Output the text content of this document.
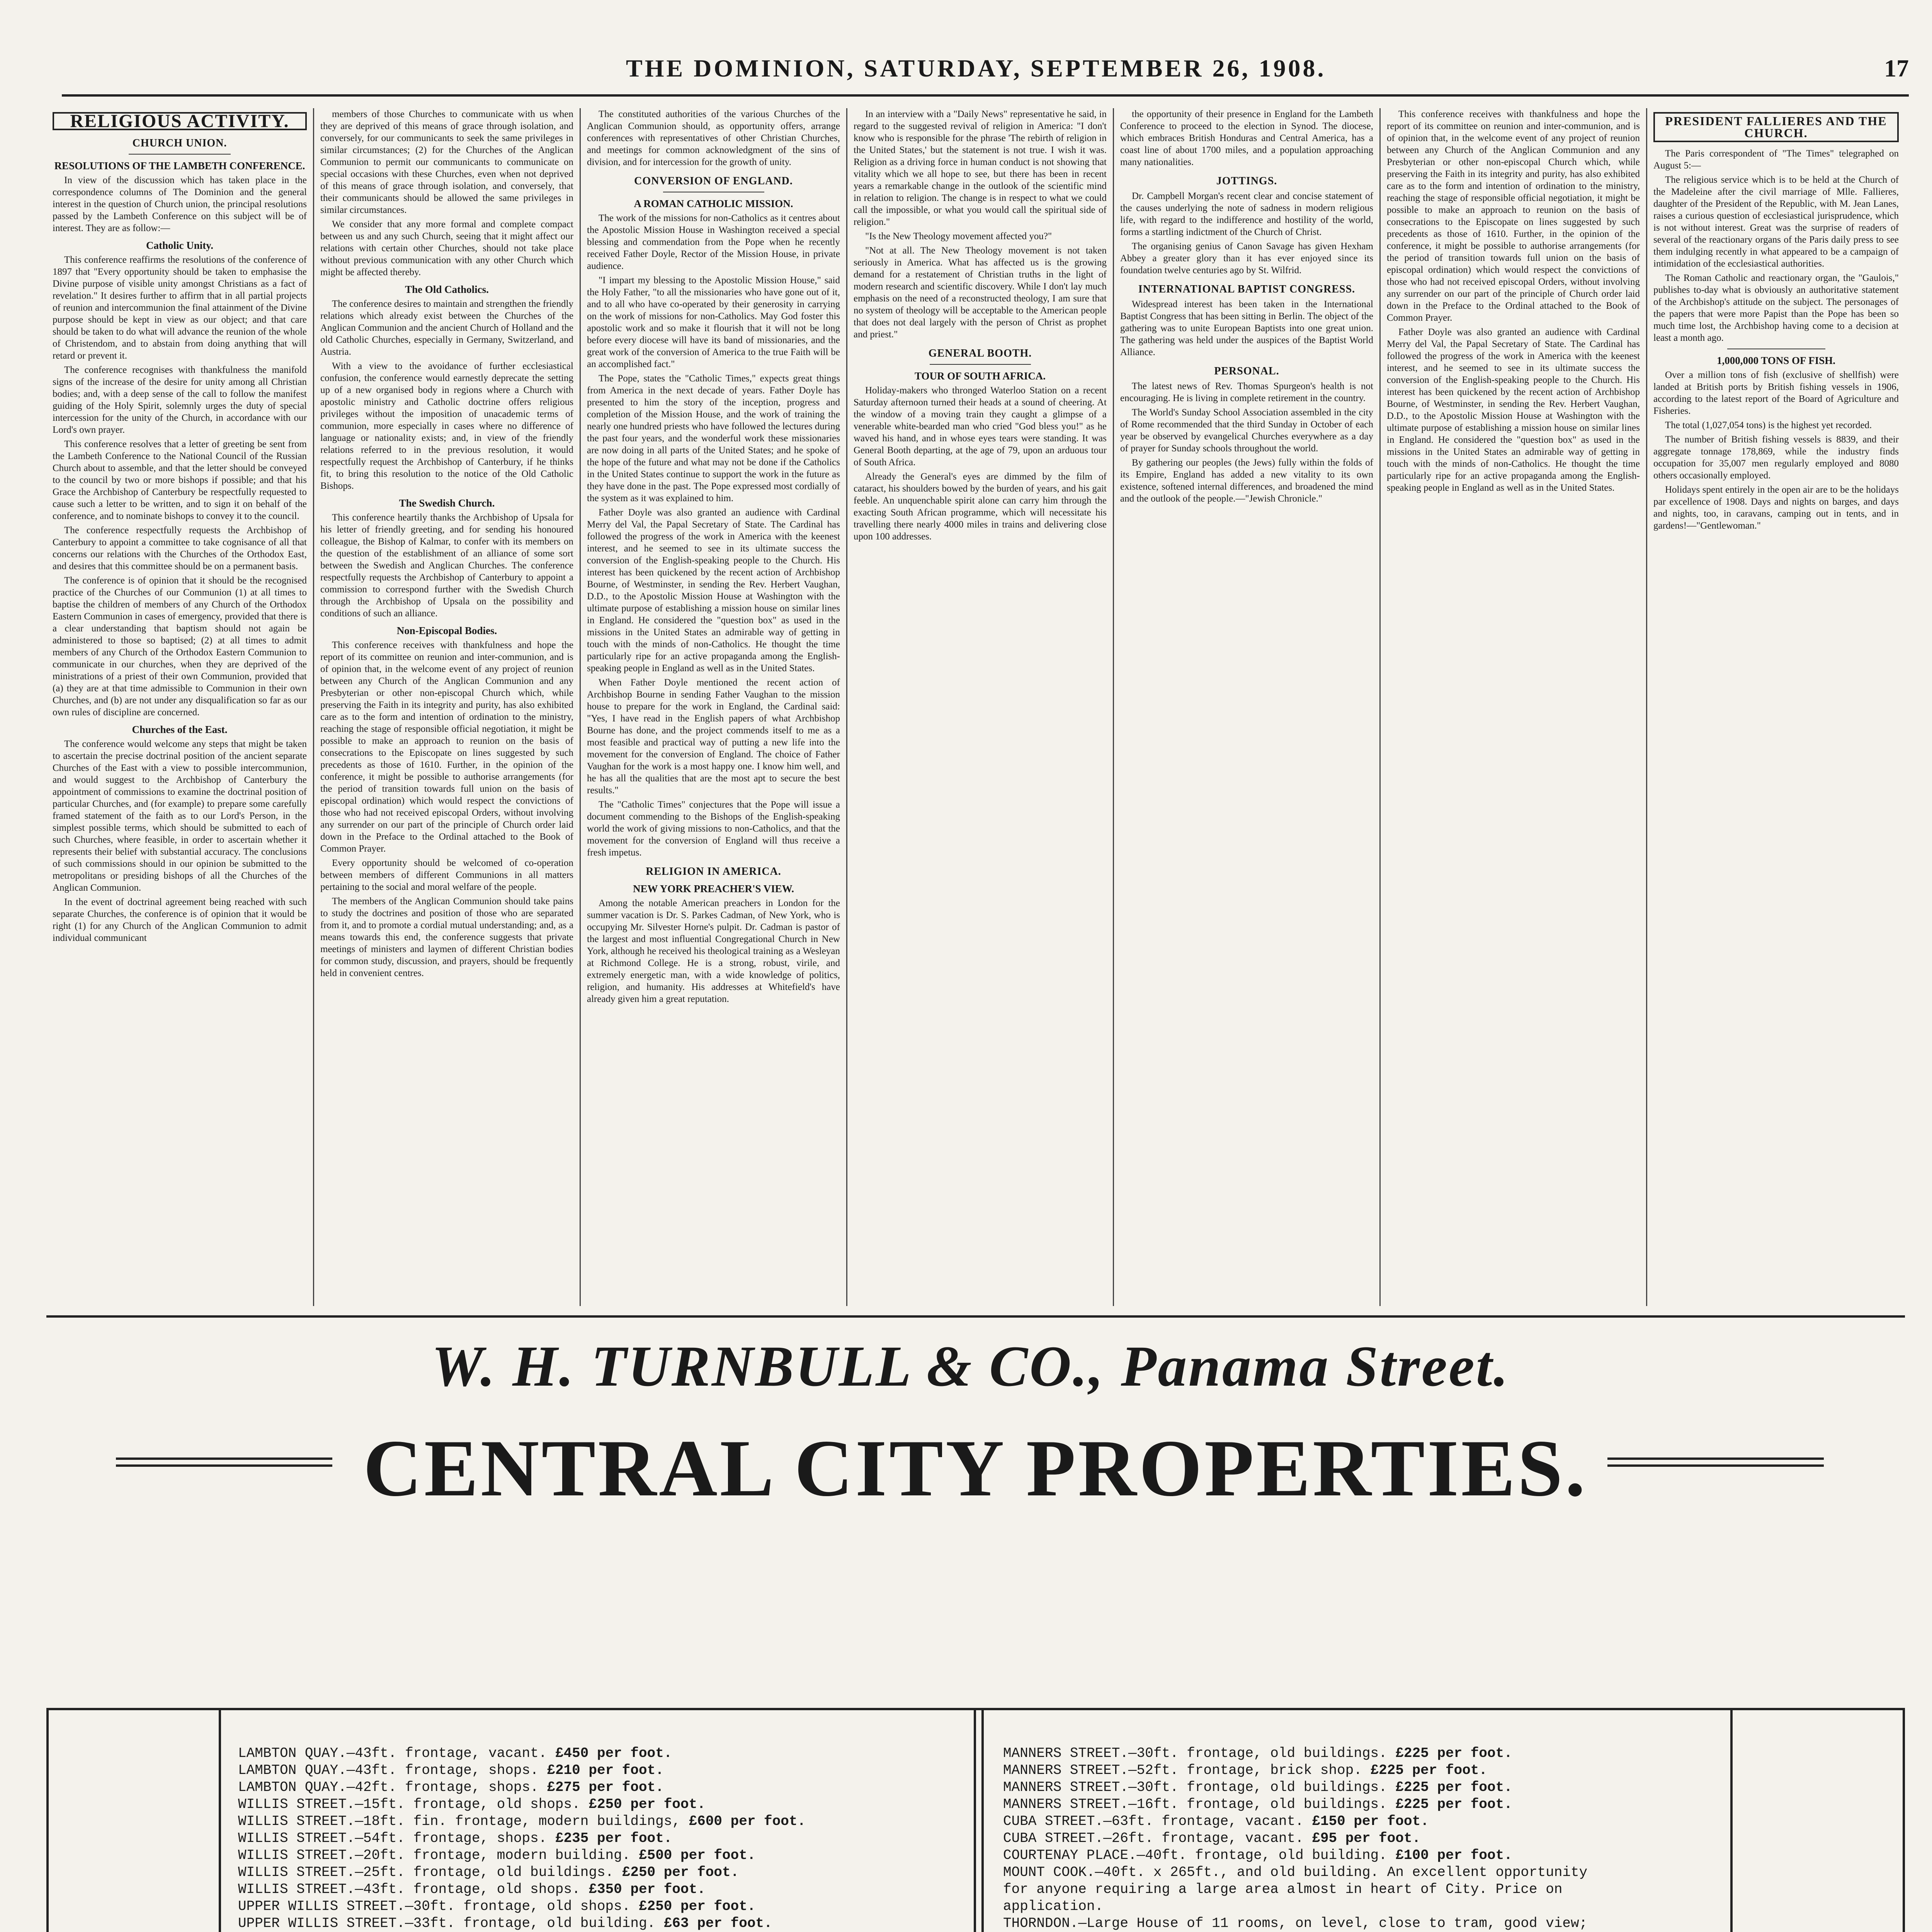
THE DOMINION, SATURDAY, SEPTEMBER 26, 1908.	17
RELIGIOUS ACTIVITY.
CHURCH UNION.
RESOLUTIONS OF THE LAMBETH CONFERENCE.

In view of the discussion which has taken place in the correspondence columns of The Dominion and the general interest in the question of Church union, the principal resolutions passed by the Lambeth Conference on this subject will be of interest. They are as follow:—

Catholic Unity.

This conference reaffirms the resolutions of the conference of 1897 that "Every opportunity should be taken to emphasise the Divine purpose of visible unity amongst Christians as a fact of revelation." It desires further to affirm that in all partial projects of reunion and intercommunion the final attainment of the Divine purpose should be kept in view as our object; and that care should be taken to do what will advance the reunion of the whole of Christendom, and to abstain from doing anything that will retard or prevent it.

The conference recognises with thankfulness the manifold signs of the increase of the desire for unity among all Christian bodies; and, with a deep sense of the call to follow the manifest guiding of the Holy Spirit, solemnly urges the duty of special intercession for the unity of the Church, in accordance with our Lord's own prayer.

This conference resolves that a letter of greeting be sent from the Lambeth Conference to the National Council of the Russian Church about to assemble, and that the letter should be conveyed to the council by two or more bishops if possible; and that his Grace the Archbishop of Canterbury be respectfully requested to cause such a letter to be written, and to sign it on behalf of the conference, and to nominate bishops to convey it to the council.

The conference respectfully requests the Archbishop of Canterbury to appoint a committee to take cognisance of all that concerns our relations with the Churches of the Orthodox East, and desires that this committee should be on a permanent basis.

The conference is of opinion that it should be the recognised practice of the Churches of our Communion (1) at all times to baptise the children of members of any Church of the Orthodox Eastern Communion in cases of emergency, provided that there is a clear understanding that baptism should not again be administered to those so baptised; (2) at all times to admit members of any Church of the Orthodox Eastern Communion to communicate in our churches, when they are deprived of the ministrations of a priest of their own Communion, provided that (a) they are at that time admissible to Communion in their own Churches, and (b) are not under any disqualification so far as our own rules of discipline are concerned.

Churches of the East.

The conference would welcome any steps that might be taken to ascertain the precise doctrinal position of the ancient separate Churches of the East with a view to possible intercommunion, and would suggest to the Archbishop of Canterbury the appointment of commissions to examine the doctrinal position of particular Churches, and (for example) to prepare some carefully framed statement of the faith as to our Lord's Person, in the simplest possible terms, which should be submitted to each of such Churches, where feasible, in order to ascertain whether it represents their belief with substantial accuracy. The conclusions of such commissions should in our opinion be submitted to the metropolitans or presiding bishops of all the Churches of the Anglican Communion.

In the event of doctrinal agreement being reached with such separate Churches, the conference is of opinion that it would be right (1) for any Church of the Anglican Communion to admit individual communicant

members of those Churches to communicate with us when they are deprived of this means of grace through isolation, and conversely, for our communicants to seek the same privileges in similar circumstances; (2) for the Churches of the Anglican Communion to permit our communicants to communicate on special occasions with these Churches, even when not deprived of this means of grace through isolation, and conversely, that their communicants should be allowed the same privileges in similar circumstances.

We consider that any more formal and complete compact between us and any such Church, seeing that it might affect our relations with certain other Churches, should not take place without previous communication with any other Church which might be affected thereby.

The Old Catholics.

The conference desires to maintain and strengthen the friendly relations which already exist between the Churches of the Anglican Communion and the ancient Church of Holland and the old Catholic Churches, especially in Germany, Switzerland, and Austria.

With a view to the avoidance of further ecclesiastical confusion, the conference would earnestly deprecate the setting up of a new organised body in regions where a Church with apostolic ministry and Catholic doctrine offers religious privileges without the imposition of unacademic terms of communion, more especially in cases where no difference of language or nationality exists; and, in view of the friendly relations referred to in the previous resolution, it would respectfully request the Archbishop of Canterbury, if he thinks fit, to bring this resolution to the notice of the Old Catholic Bishops.

The Swedish Church.

This conference heartily thanks the Archbishop of Upsala for his letter of friendly greeting, and for sending his honoured colleague, the Bishop of Kalmar, to confer with its members on the question of the establishment of an alliance of some sort between the Swedish and Anglican Churches. The conference respectfully requests the Archbishop of Canterbury to appoint a commission to correspond further with the Swedish Church through the Archbishop of Upsala on the possibility and conditions of such an alliance.

Non-Episcopal Bodies.

This conference receives with thankfulness and hope the report of its committee on reunion and inter-communion, and is of opinion that, in the welcome event of any project of reunion between any Church of the Anglican Communion and any Presbyterian or other non-episcopal Church which, while preserving the Faith in its integrity and purity, has also exhibited care as to the form and intention of ordination to the ministry, reaching the stage of responsible official negotiation, it might be possible to make an approach to reunion on the basis of consecrations to the Episcopate on lines suggested by such precedents as those of 1610. Further, in the opinion of the conference, it might be possible to authorise arrangements (for the period of transition towards full union on the basis of episcopal ordination) which would respect the convictions of those who had not received episcopal Orders, without involving any surrender on our part of the principle of Church order laid down in the Preface to the Ordinal attached to the Book of Common Prayer.

Every opportunity should be welcomed of co-operation between members of different Communions in all matters pertaining to the social and moral welfare of the people.

The members of the Anglican Communion should take pains to study the doctrines and position of those who are separated from it, and to promote a cordial mutual understanding; and, as a means towards this end, the conference suggests that private meetings of ministers and laymen of different Christian bodies for common study, discussion, and prayers, should be frequently held in convenient centres.

The constituted authorities of the various Churches of the Anglican Communion should, as opportunity offers, arrange conferences with representatives of other Christian Churches, and meetings for common acknowledgment of the sins of division, and for intercession for the growth of unity.

CONVERSION OF ENGLAND.
A ROMAN CATHOLIC MISSION.

The work of the missions for non-Catholics as it centres about the Apostolic Mission House in Washington received a special blessing and commendation from the Pope when he recently received Father Doyle, Rector of the Mission House, in private audience.

"I impart my blessing to the Apostolic Mission House," said the Holy Father, "to all the missionaries who have gone out of it, and to all who have co-operated by their generosity in carrying on the work of missions for non-Catholics. May God foster this apostolic work and so make it flourish that it will not be long before every diocese will have its band of missionaries, and the great work of the conversion of America to the true Faith will be an accomplished fact."

The Pope, states the "Catholic Times," expects great things from America in the next decade of years. Father Doyle has presented to him the story of the inception, progress and completion of the Mission House, and the work of training the nearly one hundred priests who have followed the lectures during the past four years, and the wonderful work these missionaries are now doing in all parts of the United States; and he spoke of the hope of the future and what may not be done if the Catholics in the United States continue to support the work in the future as they have done in the past. The Pope expressed most cordially of the system as it was explained to him.

Father Doyle was also granted an audience with Cardinal Merry del Val, the Papal Secretary of State. The Cardinal has followed the progress of the work in America with the keenest interest, and he seemed to see in its ultimate success the conversion of the English-speaking people to the Church. His interest has been quickened by the recent action of Archbishop Bourne, of Westminster, in sending the Rev. Herbert Vaughan, D.D., to the Apostolic Mission House at Washington with the ultimate purpose of establishing a mission house on similar lines in England. He considered the "question box" as used in the missions in the United States an admirable way of getting in touch with the minds of non-Catholics. He thought the time particularly ripe for an active propaganda among the English-speaking people in England as well as in the United States.

When Father Doyle mentioned the recent action of Archbishop Bourne in sending Father Vaughan to the mission house to prepare for the work in England, the Cardinal said: "Yes, I have read in the English papers of what Archbishop Bourne has done, and the project commends itself to me as a most feasible and practical way of putting a new life into the movement for the conversion of England. The choice of Father Vaughan for the work is a most happy one. I know him well, and he has all the qualities that are the most apt to secure the best results."

The "Catholic Times" conjectures that the Pope will issue a document commending to the Bishops of the English-speaking world the work of giving missions to non-Catholics, and that the movement for the conversion of England will thus receive a fresh impetus.

RELIGION IN AMERICA.
NEW YORK PREACHER'S VIEW.

Among the notable American preachers in London for the summer vacation is Dr. S. Parkes Cadman, of New York, who is occupying Mr. Silvester Horne's pulpit. Dr. Cadman is pastor of the largest and most influential Congregational Church in New York, although he received his theological training as a Wesleyan at Richmond College. He is a strong, robust, virile, and extremely energetic man, with a wide knowledge of politics, religion, and humanity. His addresses at Whitefield's have already given him a great reputation.

In an interview with a "Daily News" representative he said, in regard to the suggested revival of religion in America: "I don't know who is responsible for the phrase 'The rebirth of religion in the United States,' but the statement is not true. I wish it was. Religion as a driving force in human conduct is not showing that vitality which we all hope to see, but there has been in recent years a remarkable change in the outlook of the scientific mind in relation to religion. The change is in respect to what we could call the impossible, or what you would call the spiritual side of religion."

"Is the New Theology movement affected you?"

"Not at all. The New Theology movement is not taken seriously in America. What has affected us is the growing demand for a restatement of Christian truths in the light of modern research and scientific discovery. While I don't lay much emphasis on the need of a reconstructed theology, I am sure that no system of theology will be acceptable to the American people that does not deal largely with the person of Christ as prophet and priest."

GENERAL BOOTH.
TOUR OF SOUTH AFRICA.

Holiday-makers who thronged Waterloo Station on a recent Saturday afternoon turned their heads at a sound of cheering. At the window of a moving train they caught a glimpse of a venerable white-bearded man who cried "God bless you!" as he waved his hand, and in whose eyes tears were standing. It was General Booth departing, at the age of 79, upon an arduous tour of South Africa.

Already the General's eyes are dimmed by the film of cataract, his shoulders bowed by the burden of years, and his gait feeble. An unquenchable spirit alone can carry him through the exacting South African programme, which will necessitate his travelling there nearly 4000 miles in trains and delivering close upon 100 addresses.

the opportunity of their presence in England for the Lambeth Conference to proceed to the election in Synod. The diocese, which embraces British Honduras and Central America, has a coast line of about 1700 miles, and a population approaching many nationalities.

JOTTINGS.

Dr. Campbell Morgan's recent clear and concise statement of the causes underlying the note of sadness in modern religious life, with regard to the indifference and hostility of the world, forms a startling indictment of the Church of Christ.

The organising genius of Canon Savage has given Hexham Abbey a greater glory than it has ever enjoyed since its foundation twelve centuries ago by St. Wilfrid.

INTERNATIONAL BAPTIST CONGRESS.

Widespread interest has been taken in the International Baptist Congress that has been sitting in Berlin. The object of the gathering was to unite European Baptists into one great union. The gathering was held under the auspices of the Baptist World Alliance.

PERSONAL.

The latest news of Rev. Thomas Spurgeon's health is not encouraging. He is living in complete retirement in the country.

The World's Sunday School Association assembled in the city of Rome recommended that the third Sunday in October of each year be observed by evangelical Churches everywhere as a day of prayer for Sunday schools throughout the world.

By gathering our peoples (the Jews) fully within the folds of its Empire, England has added a new vitality to its own existence, softened internal differences, and broadened the mind and the outlook of the people.—"Jewish Chronicle."

This conference receives with thankfulness and hope the report of its committee on reunion and inter-communion, and is of opinion that, in the welcome event of any project of reunion between any Church of the Anglican Communion and any Presbyterian or other non-episcopal Church which, while preserving the Faith in its integrity and purity, has also exhibited care as to the form and intention of ordination to the ministry, reaching the stage of responsible official negotiation, it might be possible to make an approach to reunion on the basis of consecrations to the Episcopate on lines suggested by such precedents as those of 1610. Further, in the opinion of the conference, it might be possible to authorise arrangements (for the period of transition towards full union on the basis of episcopal ordination) which would respect the convictions of those who had not received episcopal Orders, without involving any surrender on our part of the principle of Church order laid down in the Preface to the Ordinal attached to the Book of Common Prayer.

Father Doyle was also granted an audience with Cardinal Merry del Val, the Papal Secretary of State. The Cardinal has followed the progress of the work in America with the keenest interest, and he seemed to see in its ultimate success the conversion of the English-speaking people to the Church. His interest has been quickened by the recent action of Archbishop Bourne, of Westminster, in sending the Rev. Herbert Vaughan, D.D., to the Apostolic Mission House at Washington with the ultimate purpose of establishing a mission house on similar lines in England. He considered the "question box" as used in the missions in the United States an admirable way of getting in touch with the minds of non-Catholics. He thought the time particularly ripe for an active propaganda among the English-speaking people in England as well as in the United States.

PRESIDENT FALLIERES AND THE CHURCH.

The Paris correspondent of "The Times" telegraphed on August 5:—

The religious service which is to be held at the Church of the Madeleine after the civil marriage of Mlle. Fallieres, daughter of the President of the Republic, with M. Jean Lanes, raises a curious question of ecclesiastical jurisprudence, which is not without interest. Great was the surprise of readers of several of the reactionary organs of the Paris daily press to see them indulging recently in what appeared to be a campaign of intimidation of the ecclesiastical authorities.

The Roman Catholic and reactionary organ, the "Gaulois," publishes to-day what is obviously an authoritative statement of the Archbishop's attitude on the subject. The personages of the papers that were more Papist than the Pope has been so much time lost, the Archbishop having come to a decision at least a month ago.

1,000,000 TONS OF FISH.

Over a million tons of fish (exclusive of shellfish) were landed at British ports by British fishing vessels in 1906, according to the latest report of the Board of Agriculture and Fisheries.

The total (1,027,054 tons) is the highest yet recorded.

The number of British fishing vessels is 8839, and their aggregate tonnage 178,869, while the industry finds occupation for 35,007 men regularly employed and 8080 others occasionally employed.

Holidays spent entirely in the open air are to be the holidays par excellence of 1908. Days and nights on barges, and days and nights, too, in caravans, camping out in tents, and in gardens!—"Gentlewoman."

W. H. TURNBULL & CO., Panama Street.
CENTRAL CITY PROPERTIES.
LAMBTON QUAY.—43ft. frontage, vacant. £450 per foot.
LAMBTON QUAY.—43ft. frontage, shops. £210 per foot.
LAMBTON QUAY.—42ft. frontage, shops. £275 per foot.
WILLIS STREET.—15ft. frontage, old shops. £250 per foot.
WILLIS STREET.—18ft. fin. frontage, modern buildings, £600 per foot.
WILLIS STREET.—54ft. frontage, shops. £235 per foot.
WILLIS STREET.—20ft. frontage, modern building. £500 per foot.
WILLIS STREET.—25ft. frontage, old buildings. £250 per foot.
WILLIS STREET.—43ft. frontage, old shops. £350 per foot.
UPPER WILLIS STREET.—30ft. frontage, old shops. £250 per foot.
UPPER WILLIS STREET.—33ft. frontage, old building. £63 per foot.
MANNERS STREET.—30ft. frontage, old buildings. £225 per foot.
MANNERS STREET.—52ft. frontage, brick shop. £225 per foot.
MANNERS STREET.—30ft. frontage, old buildings. £225 per foot.
MANNERS STREET.—16ft. frontage, old buildings. £225 per foot.
CUBA STREET.—63ft. frontage, vacant. £150 per foot.
CUBA STREET.—26ft. frontage, vacant. £95 per foot.
COURTENAY PLACE.—40ft. frontage, old building. £100 per foot.
MOUNT COOK.—40ft. x 265ft., and old building. An excellent opportunity
for anyone requiring a large area almost in heart of City. Price on
application.
THORNDON.—Large House of 11 rooms, on level, close to tram, good view;
